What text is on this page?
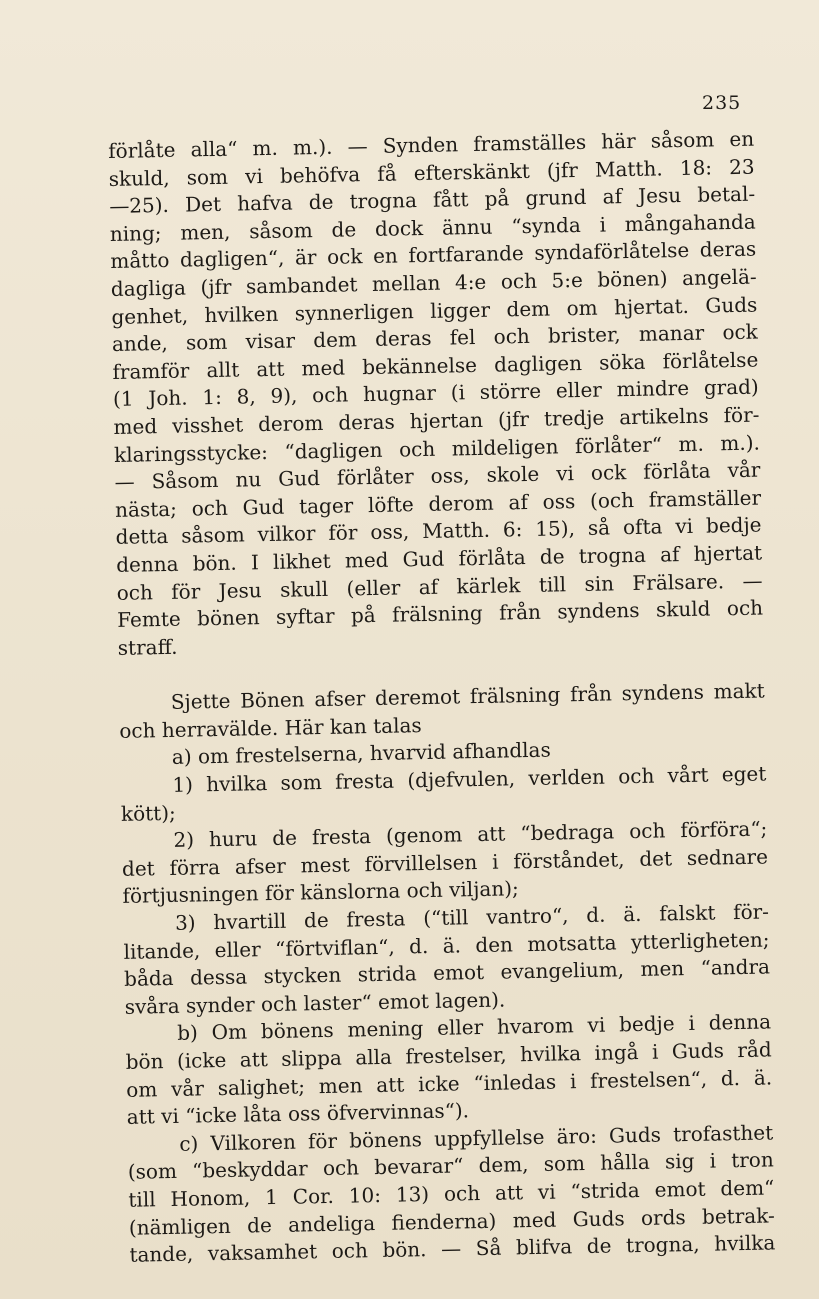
235
förlåte alla“ m. m.). — Synden framställes här såsom en
skuld, som vi behöfva få efterskänkt (jfr Matth. 18: 23
—25). Det hafva de trogna fått på grund af Jesu betal-
ning; men, såsom de dock ännu “synda i mångahanda
måtto dagligen“, är ock en fortfarande syndaförlåtelse deras
dagliga (jfr sambandet mellan 4:e och 5:e bönen) angelä-
genhet, hvilken synnerligen ligger dem om hjertat. Guds
ande, som visar dem deras fel och brister, manar ock
framför allt att med bekännelse dagligen söka förlåtelse
(1 Joh. 1: 8, 9), och hugnar (i större eller mindre grad)
med visshet derom deras hjertan (jfr tredje artikelns för-
klaringsstycke: “dagligen och mildeligen förlåter“ m. m.).
— Såsom nu Gud förlåter oss, skole vi ock förlåta vår
nästa; och Gud tager löfte derom af oss (och framställer
detta såsom vilkor för oss, Matth. 6: 15), så ofta vi bedje
denna bön. I likhet med Gud förlåta de trogna af hjertat
och för Jesu skull (eller af kärlek till sin Frälsare. —
Femte bönen syftar på frälsning från syndens skuld och
straff.
Sjette Bönen afser deremot frälsning från syndens makt
och herravälde. Här kan talas
a) om frestelserna, hvarvid afhandlas
1) hvilka som fresta (djefvulen, verlden och vårt eget
kött);
2) huru de fresta (genom att “bedraga och förföra“;
det förra afser mest förvillelsen i förståndet, det sednare
förtjusningen för känslorna och viljan);
3) hvartill de fresta (“till vantro“, d. ä. falskt för-
litande, eller “förtviflan“, d. ä. den motsatta ytterligheten;
båda dessa stycken strida emot evangelium, men “andra
svåra synder och laster“ emot lagen).
b) Om bönens mening eller hvarom vi bedje i denna
bön (icke att slippa alla frestelser, hvilka ingå i Guds råd
om vår salighet; men att icke “inledas i frestelsen“, d. ä.
att vi “icke låta oss öfvervinnas“).
c) Vilkoren för bönens uppfyllelse äro: Guds trofasthet
(som “beskyddar och bevarar“ dem, som hålla sig i tron
till Honom, 1 Cor. 10: 13) och att vi “strida emot dem“
(nämligen de andeliga fienderna) med Guds ords betrak-
tande, vaksamhet och bön. — Så blifva de trogna, hvilka
